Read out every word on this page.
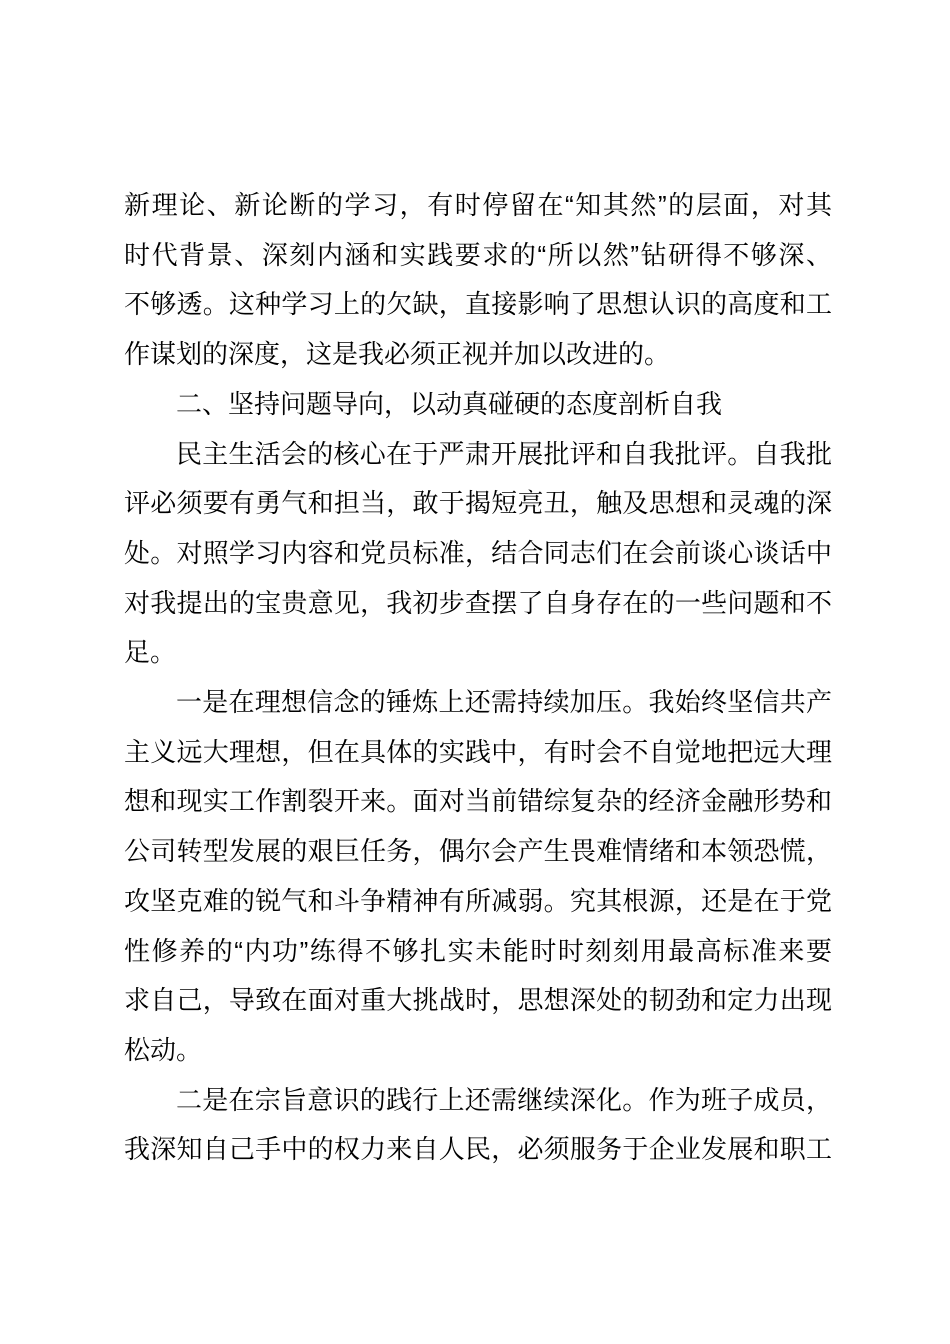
新理论、新论断的学习，有时停留在“知其然”的层面，对其
时代背景、深刻内涵和实践要求的“所以然”钻研得不够深、
不够透。这种学习上的欠缺，直接影响了思想认识的高度和工
作谋划的深度，这是我必须正视并加以改进的。
二、坚持问题导向，以动真碰硬的态度剖析自我
民主生活会的核心在于严肃开展批评和自我批评。自我批
评必须要有勇气和担当，敢于揭短亮丑，触及思想和灵魂的深
处。对照学习内容和党员标准，结合同志们在会前谈心谈话中
对我提出的宝贵意见，我初步查摆了自身存在的一些问题和不
足。
一是在理想信念的锤炼上还需持续加压。我始终坚信共产
主义远大理想，但在具体的实践中，有时会不自觉地把远大理
想和现实工作割裂开来。面对当前错综复杂的经济金融形势和
公司转型发展的艰巨任务，偶尔会产生畏难情绪和本领恐慌，
攻坚克难的锐气和斗争精神有所减弱。究其根源，还是在于党
性修养的“内功”练得不够扎实未能时时刻刻用最高标准来要
求自己，导致在面对重大挑战时，思想深处的韧劲和定力出现
松动。
二是在宗旨意识的践行上还需继续深化。作为班子成员，
我深知自己手中的权力来自人民，必须服务于企业发展和职工
